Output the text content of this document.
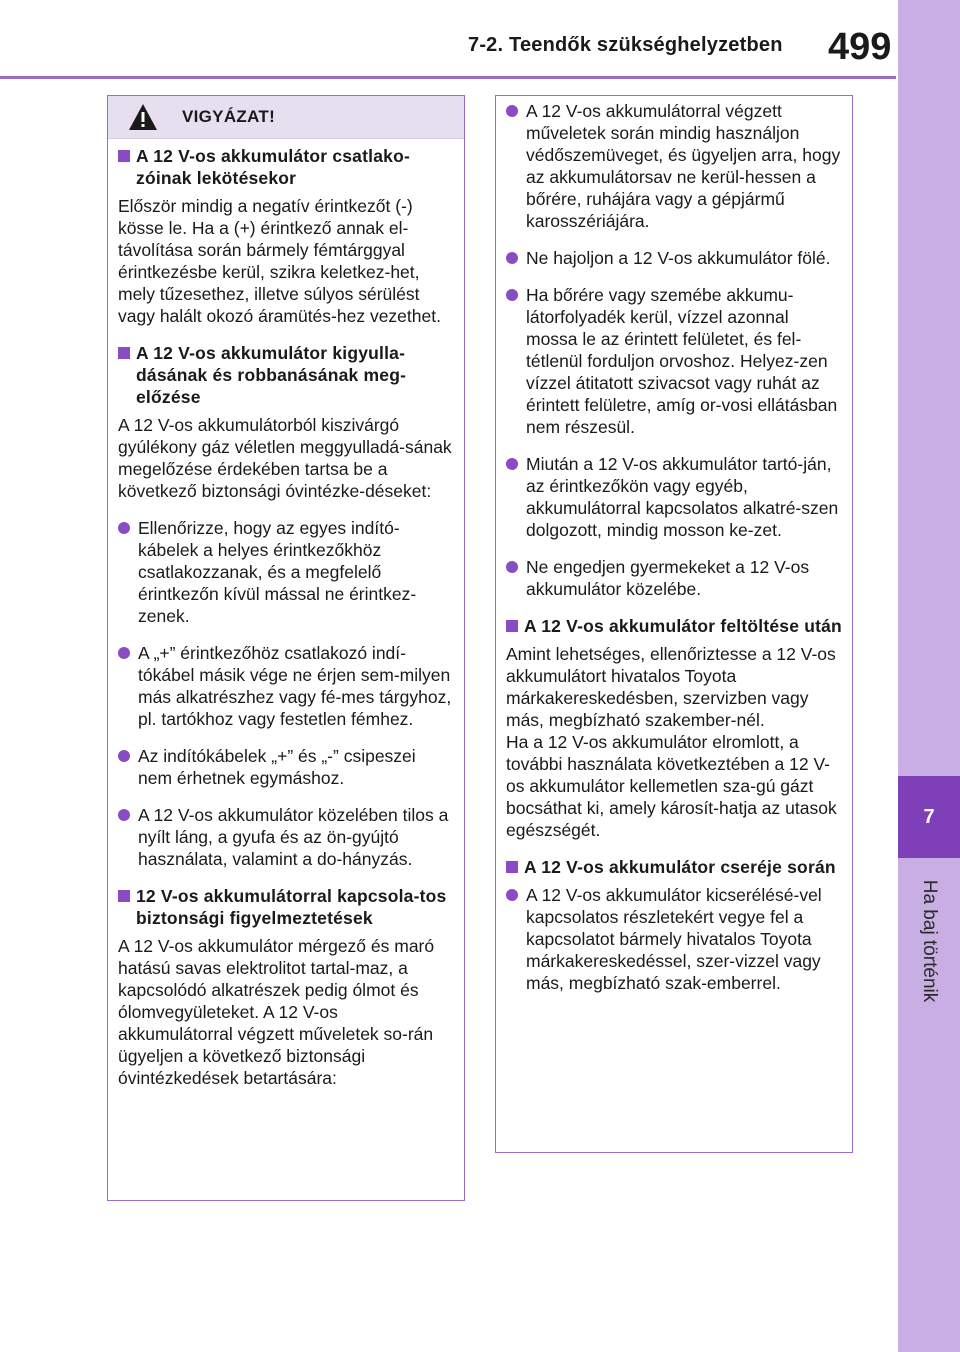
7-2. Teendők szükséghelyzetben 499
7
Ha baj történik
VIGYÁZAT!
A 12 V-os akkumulátor csatlako-zóinak lekötésekor

Először mindig a negatív érintkezőt (-) kösse le. Ha a (+) érintkező annak el-távolítása során bármely fémtárggyal érintkezésbe kerül, szikra keletkez-het, mely tűzesethez, illetve súlyos sérülést vagy halált okozó áramütés-hez vezethet.

A 12 V-os akkumulátor kigyulla-dásának és robbanásának meg-előzése

A 12 V-os akkumulátorból kiszivárgó gyúlékony gáz véletlen meggyulladá-sának megelőzése érdekében tartsa be a következő biztonsági óvintézke-déseket:

Ellenőrizze, hogy az egyes indító-kábelek a helyes érintkezőkhöz csatlakozzanak, és a megfelelő érintkezőn kívül mással ne érintkez-zenek.
A „+” érintkezőhöz csatlakozó indí-tókábel másik vége ne érjen sem-milyen más alkatrészhez vagy fé-mes tárgyhoz, pl. tartókhoz vagy festetlen fémhez.
Az indítókábelek „+” és „-” csipeszei nem érhetnek egymáshoz.
A 12 V-os akkumulátor közelében tilos a nyílt láng, a gyufa és az ön-gyújtó használata, valamint a do-hányzás.
12 V-os akkumulátorral kapcsola-tos biztonsági figyelmeztetések

A 12 V-os akkumulátor mérgező és maró hatású savas elektrolitot tartal-maz, a kapcsolódó alkatrészek pedig ólmot és ólomvegyületeket. A 12 V-os akkumulátorral végzett műveletek so-rán ügyeljen a következő biztonsági óvintézkedések betartására:

A 12 V-os akkumulátorral végzett műveletek során mindig használjon védőszemüveget, és ügyeljen arra, hogy az akkumulátorsav ne kerül-hessen a bőrére, ruhájára vagy a gépjármű karosszériájára.
Ne hajoljon a 12 V-os akkumulátor fölé.
Ha bőrére vagy szemébe akkumu-látorfolyadék kerül, vízzel azonnal mossa le az érintett felületet, és fel-tétlenül forduljon orvoshoz. Helyez-zen vízzel átitatott szivacsot vagy ruhát az érintett felületre, amíg or-vosi ellátásban nem részesül.
Miután a 12 V-os akkumulátor tartó-ján, az érintkezőkön vagy egyéb, akkumulátorral kapcsolatos alkatré-szen dolgozott, mindig mosson ke-zet.
Ne engedjen gyermekeket a 12 V-os akkumulátor közelébe.
A 12 V-os akkumulátor feltöltése után

Amint lehetséges, ellenőriztesse a 12 V-os akkumulátort hivatalos Toyota márkakereskedésben, szervizben vagy más, megbízható szakember-nél.

Ha a 12 V-os akkumulátor elromlott, a további használata következtében a 12 V-os akkumulátor kellemetlen sza-gú gázt bocsáthat ki, amely károsít-hatja az utasok egészségét.

A 12 V-os akkumulátor cseréje során
A 12 V-os akkumulátor kicserélésé-vel kapcsolatos részletekért vegye fel a kapcsolatot bármely hivatalos Toyota márkakereskedéssel, szer-vizzel vagy más, megbízható szak-emberrel.
